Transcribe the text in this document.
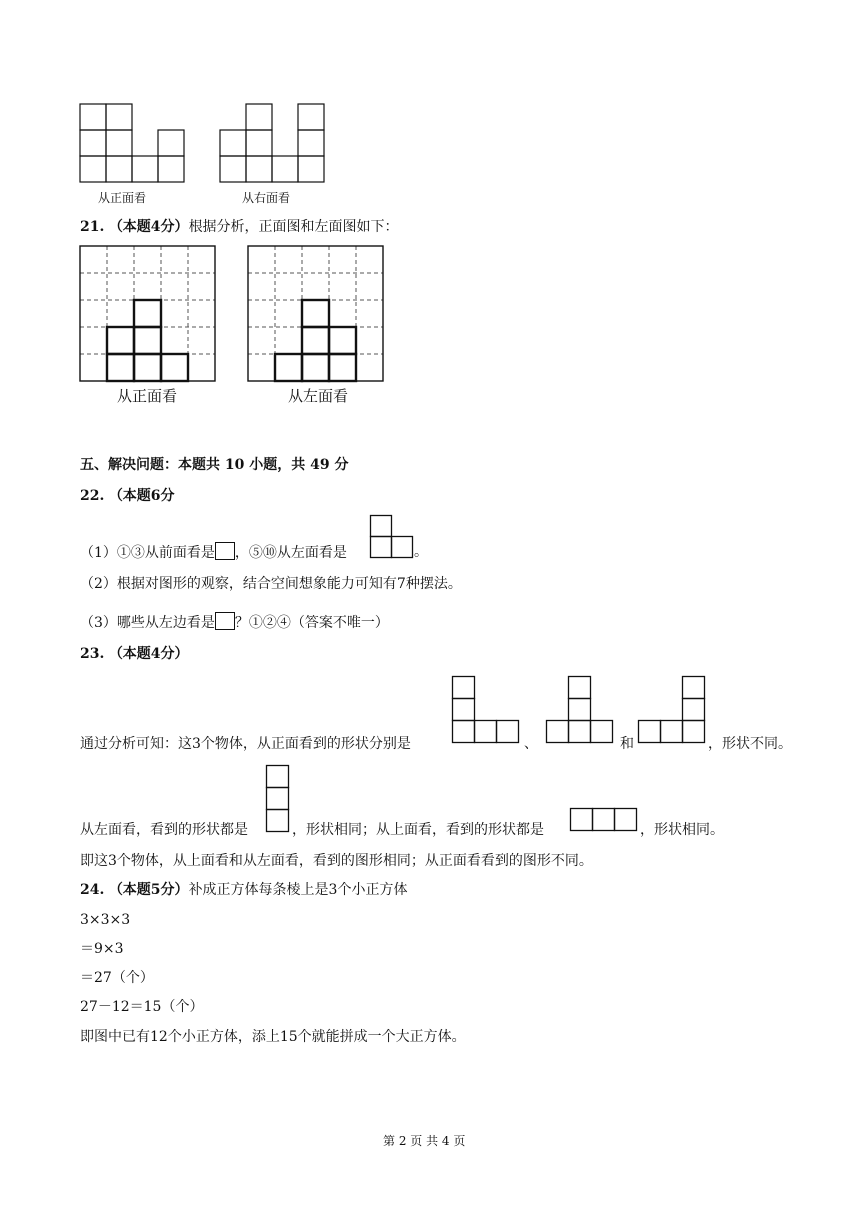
从正面看	从右面看
21. （本题4分）根据分析，正面图和左面图如下：
从正面看	从左面看
五、解决问题：本题共 10 小题，共 49 分
22. （本题6分
（1）①③从前面看是 ，⑤⑩从左面看是	。
（2）根据对图形的观察，结合空间想象能力可知有7种摆法。
（3）哪些从左边看是 ？①②④（答案不唯一）
23. （本题4分）
通过分析可知：这3个物体，从正面看到的形状分别是	、	和	，形状不同。
从左面看，看到的形状都是	，形状相同；从上面看，看到的形状都是	，形状相同。
即这3个物体，从上面看和从左面看，看到的图形相同；从正面看看到的图形不同。
24. （本题5分）补成正方体每条棱上是3个小正方体
3×3×3
＝9×3
＝27（个）
27－12＝15（个）
即图中已有12个小正方体，添上15个就能拼成一个大正方体。
第 2 页 共 4 页
